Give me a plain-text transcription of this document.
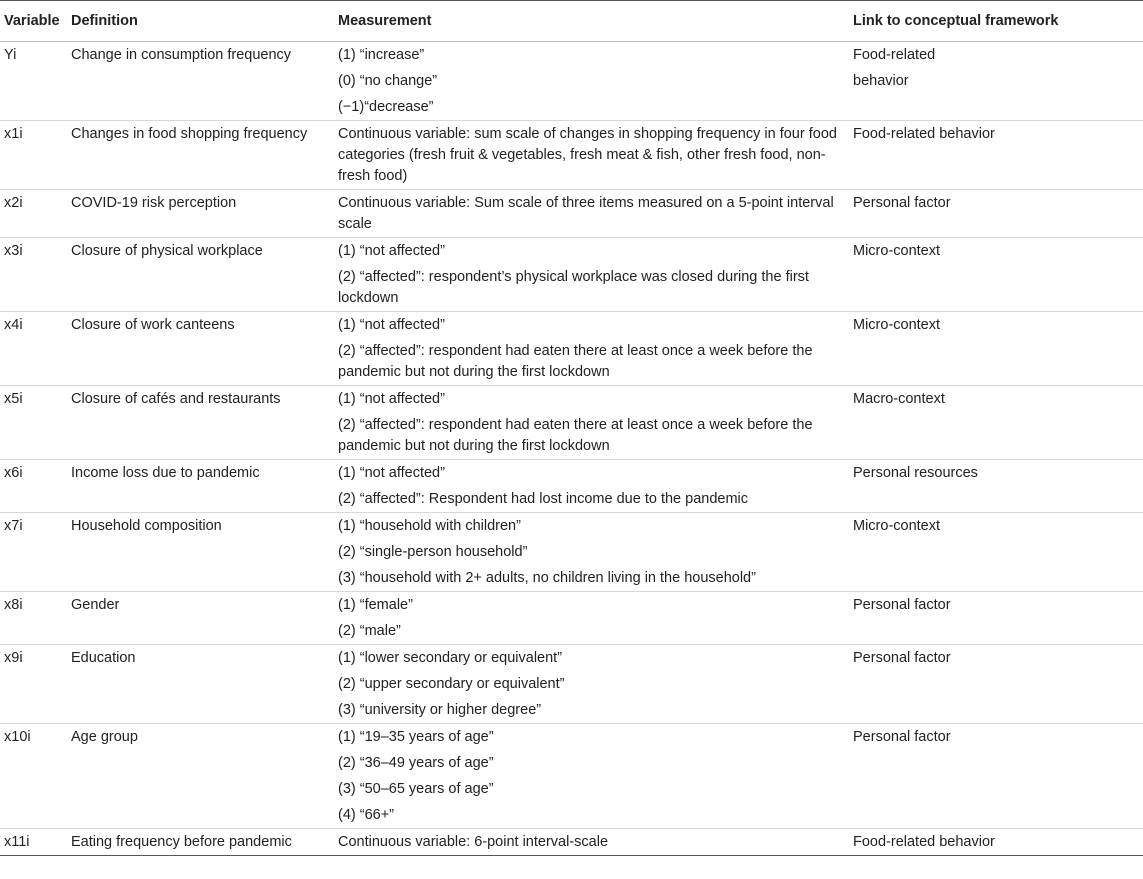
Variable	Definition	Measurement	Link to conceptual framework
Yi	Change in consumption frequency	(1) “increase”	Food-related
		(0) “no change”	behavior
		(−1)“decrease”	
x1i	Changes in food shopping frequency	Continuous variable: sum scale of changes in shopping frequency in four food categories (fresh fruit & vegetables, fresh meat & fish, other fresh food, non-fresh food)	Food-related behavior
x2i	COVID-19 risk perception	Continuous variable: Sum scale of three items measured on a 5-point interval scale	Personal factor
x3i	Closure of physical workplace	(1) “not affected”	Micro-context
		(2) “affected”: respondent’s physical workplace was closed during the first lockdown	
x4i	Closure of work canteens	(1) “not affected”	Micro-context
		(2) “affected”: respondent had eaten there at least once a week before the pandemic but not during the first lockdown	
x5i	Closure of cafés and restaurants	(1) “not affected”	Macro-context
		(2) “affected”: respondent had eaten there at least once a week before the pandemic but not during the first lockdown	
x6i	Income loss due to pandemic	(1) “not affected”	Personal resources
		(2) “affected”: Respondent had lost income due to the pandemic	
x7i	Household composition	(1) “household with children”	Micro-context
		(2) “single-person household”	
		(3) “household with 2+ adults, no children living in the household”	
x8i	Gender	(1) “female”	Personal factor
		(2) “male”	
x9i	Education	(1) “lower secondary or equivalent”	Personal factor
		(2) “upper secondary or equivalent”	
		(3) “university or higher degree”	
x10i	Age group	(1) “19–35 years of age”	Personal factor
		(2) “36–49 years of age”	
		(3) “50–65 years of age”	
		(4) “66+”	
x11i	Eating frequency before pandemic	Continuous variable: 6-point interval-scale	Food-related behavior
